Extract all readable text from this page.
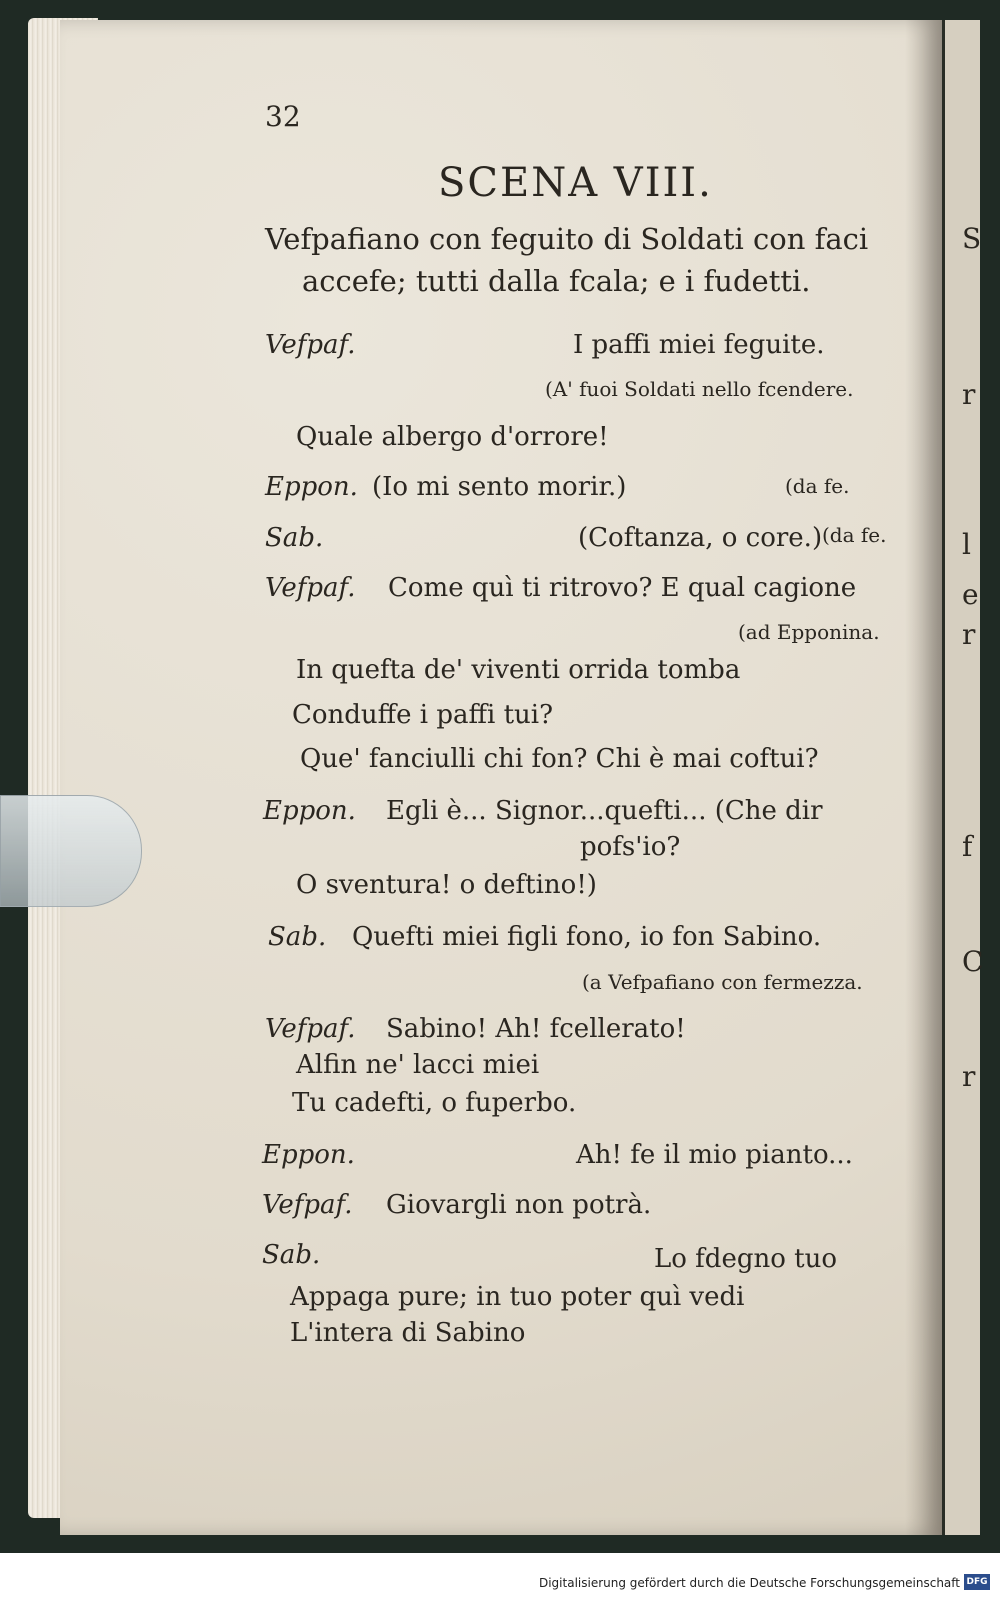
S
r
l
e
r
f
C
r
32
SCENA VIII.
Vefpafiano con feguito di Soldati con faci
accefe; tutti dalla fcala; e i fudetti.
Vefpaf.	I paffi miei feguite.
(A' fuoi Soldati nello fcendere.
Quale albergo d'orrore!
Eppon. (Io mi sento morir.)	(da fe.
Sab.	(Coftanza, o core.) (da fe.
Vefpaf. Come quì ti ritrovo? E qual cagione
(ad Epponina.
In quefta de' viventi orrida tomba
Conduffe i paffi tui?
Que' fanciulli chi fon? Chi è mai coftui?
Eppon. Egli è... Signor...quefti... (Che dir
pofs'io?
O sventura! o deftino!)
Sab. Quefti miei figli fono, io fon Sabino.
(a Vefpafiano con fermezza.
Vefpaf. Sabino! Ah! fcellerato!
Alfin ne' lacci miei
Tu cadefti, o fuperbo.
Eppon.	Ah! fe il mio pianto...
Vefpaf. Giovargli non potrà.
Sab.	Lo fdegno tuo
Appaga pure; in tuo poter quì vedi
L'intera di Sabino
Digitalisierung gefördert durch die Deutsche Forschungsgemeinschaft DFG
